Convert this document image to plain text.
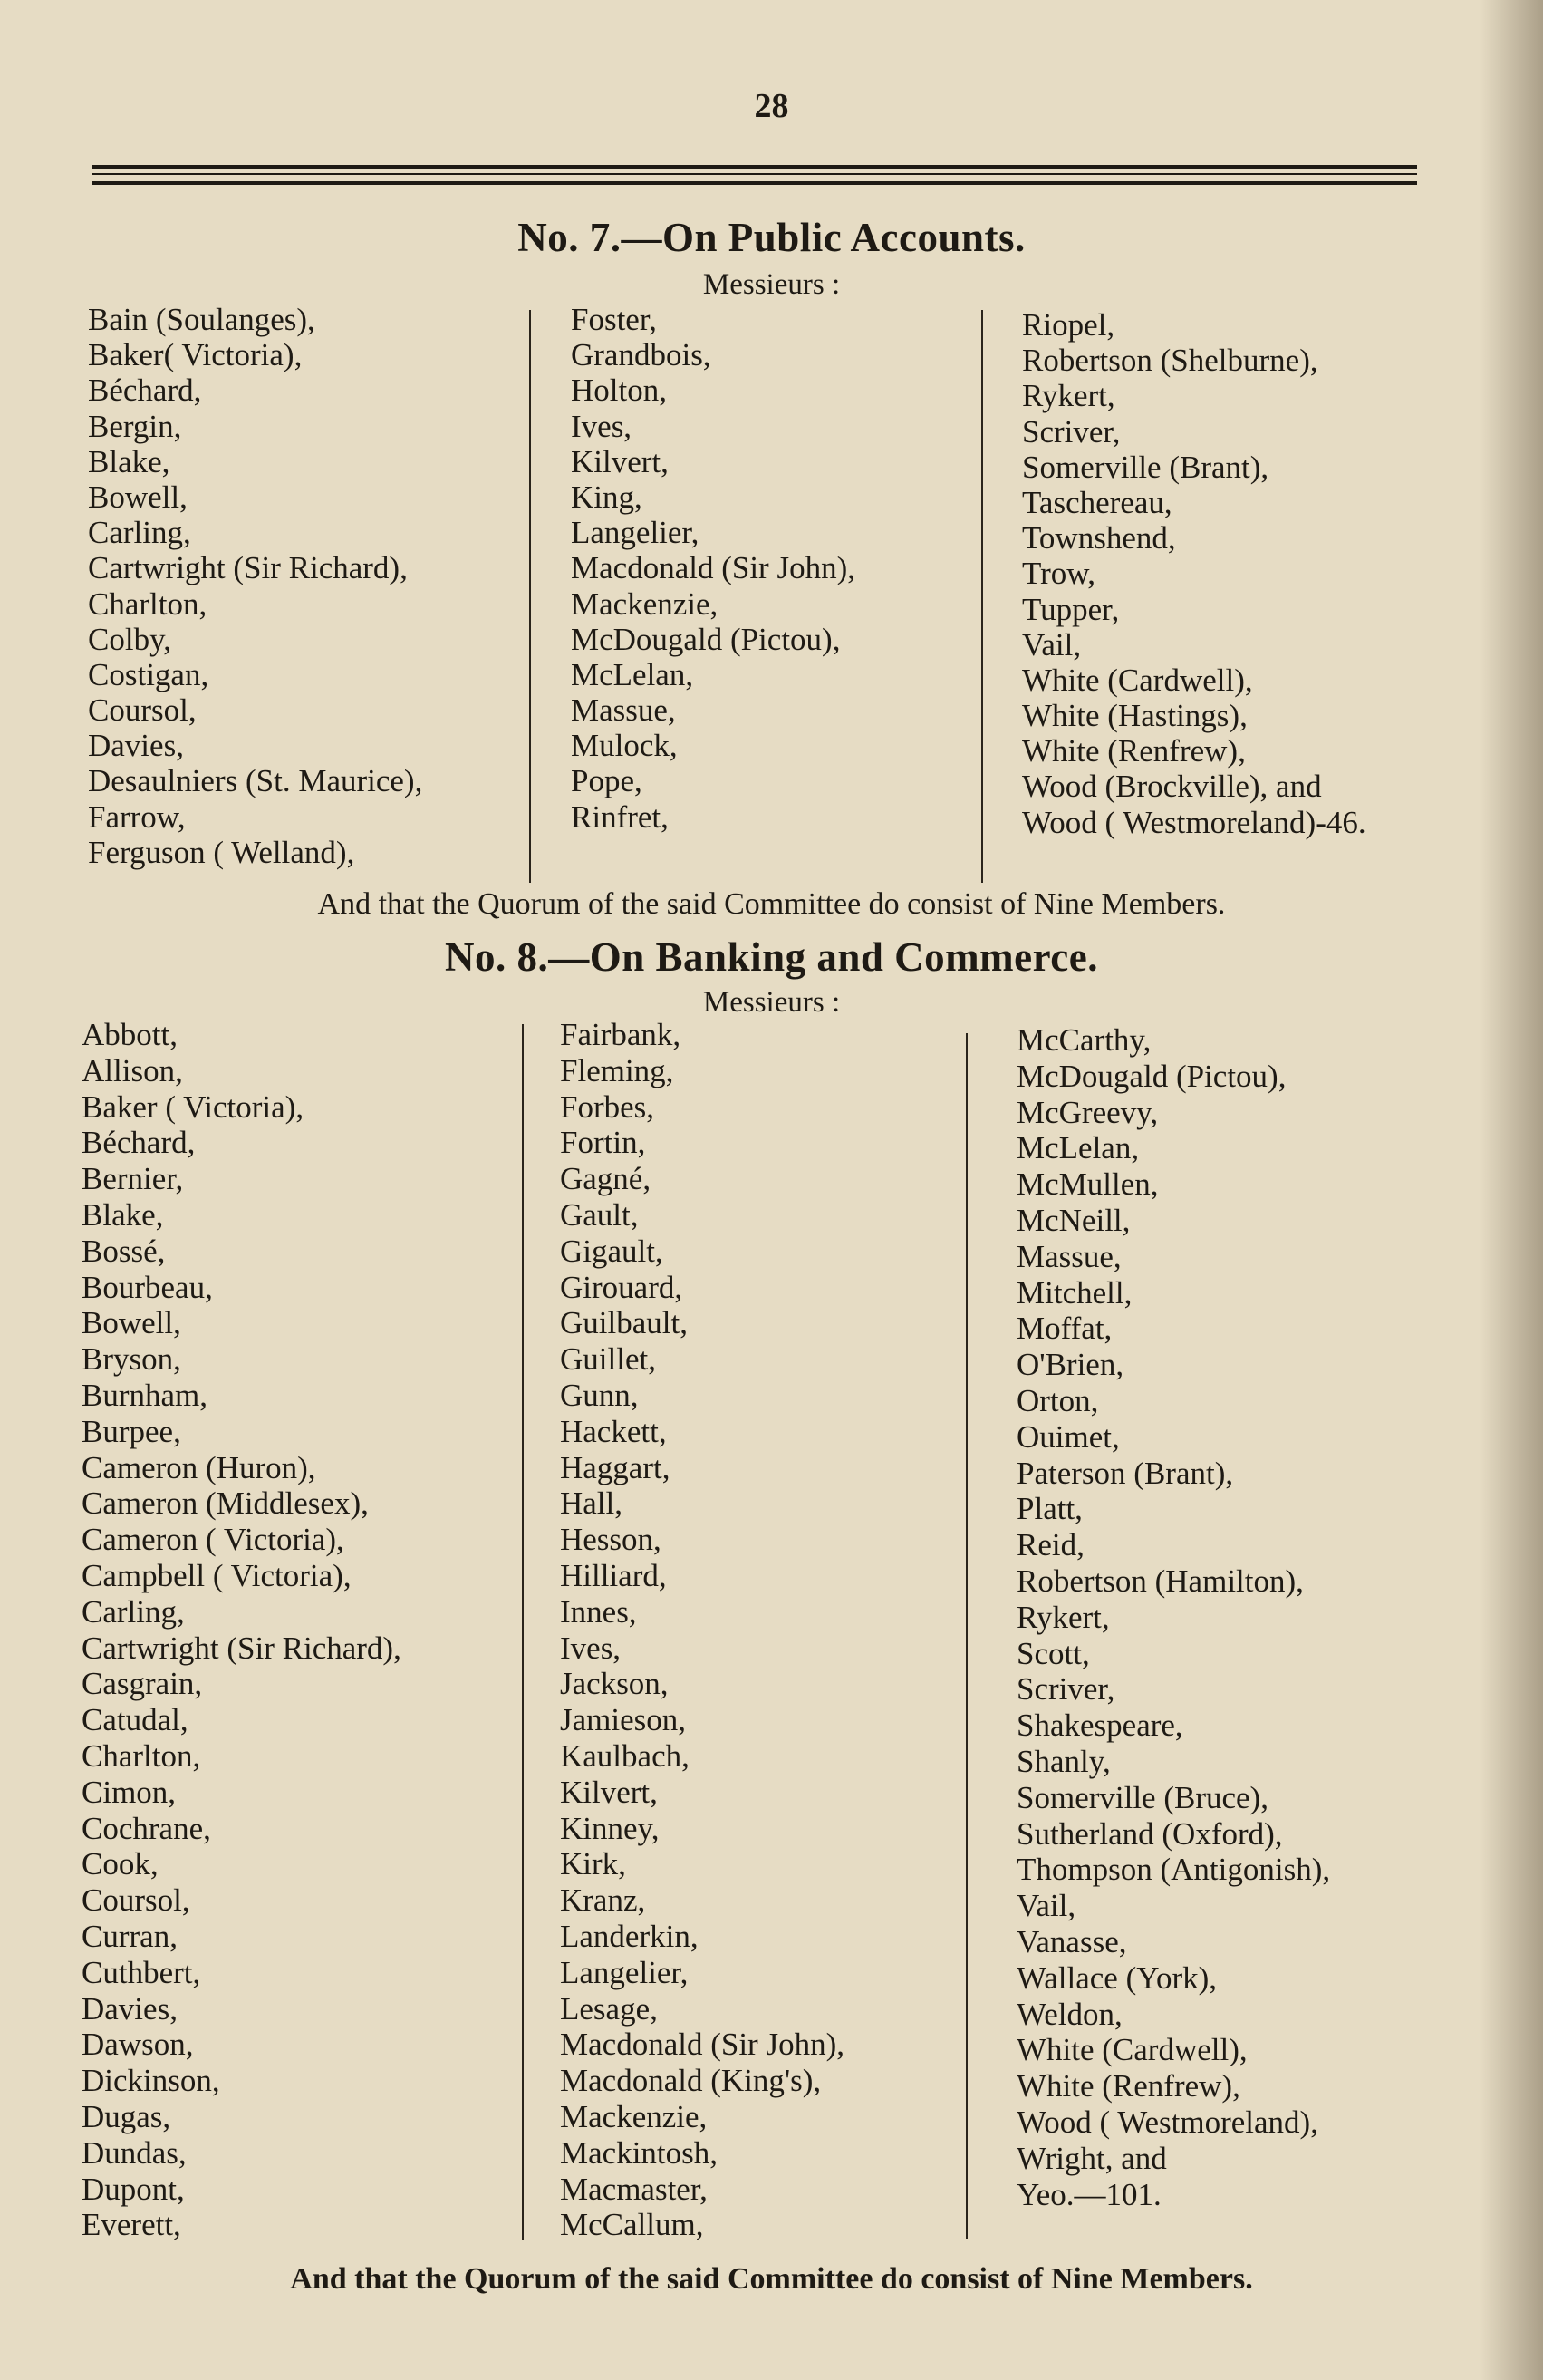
28
No. 7.—On Public Accounts.
Messieurs :
Bain (Soulanges),
Baker( Victoria),
Béchard,
Bergin,
Blake,
Bowell,
Carling,
Cartwright (Sir Richard),
Charlton,
Colby,
Costigan,
Coursol,
Davies,
Desaulniers (St. Maurice),
Farrow,
Ferguson ( Welland),
Foster,
Grandbois,
Holton,
Ives,
Kilvert,
King,
Langelier,
Macdonald (Sir John),
Mackenzie,
McDougald (Pictou),
McLelan,
Massue,
Mulock,
Pope,
Rinfret,
Riopel,
Robertson (Shelburne),
Rykert,
Scriver,
Somerville (Brant),
Taschereau,
Townshend,
Trow,
Tupper,
Vail,
White (Cardwell),
White (Hastings),
White (Renfrew),
Wood (Brockville), and
Wood ( Westmoreland)-46.
And that the Quorum of the said Committee do consist of Nine Members.
No. 8.—On Banking and Commerce.
Messieurs :
Abbott,
Allison,
Baker ( Victoria),
Béchard,
Bernier,
Blake,
Bossé,
Bourbeau,
Bowell,
Bryson,
Burnham,
Burpee,
Cameron (Huron),
Cameron (Middlesex),
Cameron ( Victoria),
Campbell ( Victoria),
Carling,
Cartwright (Sir Richard),
Casgrain,
Catudal,
Charlton,
Cimon,
Cochrane,
Cook,
Coursol,
Curran,
Cuthbert,
Davies,
Dawson,
Dickinson,
Dugas,
Dundas,
Dupont,
Everett,
Fairbank,
Fleming,
Forbes,
Fortin,
Gagné,
Gault,
Gigault,
Girouard,
Guilbault,
Guillet,
Gunn,
Hackett,
Haggart,
Hall,
Hesson,
Hilliard,
Innes,
Ives,
Jackson,
Jamieson,
Kaulbach,
Kilvert,
Kinney,
Kirk,
Kranz,
Landerkin,
Langelier,
Lesage,
Macdonald (Sir John),
Macdonald (King's),
Mackenzie,
Mackintosh,
Macmaster,
McCallum,
McCarthy,
McDougald (Pictou),
McGreevy,
McLelan,
McMullen,
McNeill,
Massue,
Mitchell,
Moffat,
O'Brien,
Orton,
Ouimet,
Paterson (Brant),
Platt,
Reid,
Robertson (Hamilton),
Rykert,
Scott,
Scriver,
Shakespeare,
Shanly,
Somerville (Bruce),
Sutherland (Oxford),
Thompson (Antigonish),
Vail,
Vanasse,
Wallace (York),
Weldon,
White (Cardwell),
White (Renfrew),
Wood ( Westmoreland),
Wright, and
Yeo.—101.
And that the Quorum of the said Committee do consist of Nine Members.
